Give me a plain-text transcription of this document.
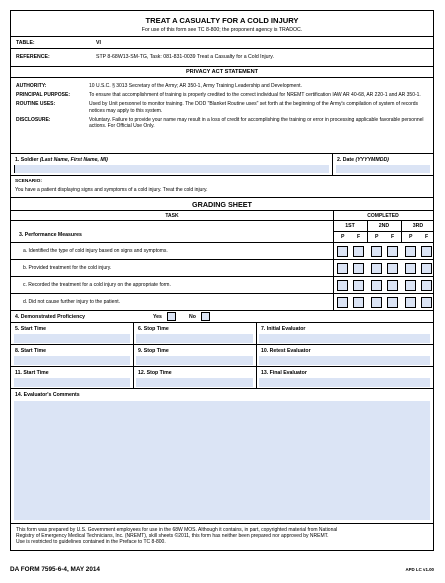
TREAT A CASUALTY FOR A COLD INJURY
For use of this form see TC 8-800; the proponent agency is TRADOC.
TABLE:	VI
REFERENCE:	STP 8-68W13-SM-TG, Task: 081-831-0039 Treat a Casualty for a Cold Injury.
PRIVACY ACT STATEMENT
AUTHORITY:	10 U.S.C. § 3013 Secretary of the Army; AR 350-1, Army Training Leadership and Development.
PRINCIPAL PURPOSE:	To ensure that accomplishment of training is properly credited to the correct individual for NREMT certification IAW AR 40-68, AR 220-1 and AR 350-1.
ROUTINE USES:	Used by Unit personnel to monitor training. The DOD "Blanket Routine uses" set forth at the beginning of the Army's compilation of system of records notices may apply to this system.
DISCLOSURE:	Voluntary. Failure to provide your name may result in a loss of credit for accomplishing the training or error in processing applicable favorable personnel actions. For Official Use Only.
1. Soldier (Last Name, First Name, MI)	2. Date (YYYYMMDD)
SCENARIO:
You have a patient displaying signs and symptoms of a cold injury. Treat the cold injury.
GRADING SHEET
TASK	COMPLETED
3. Performance Measures
1ST	2ND	3RD
P F	P F	P F
a. Identified the type of cold injury based on signs and symptoms.
b. Provided treatment for the cold injury.
c. Recorded the treatment for a cold injury on the appropriate form.
d. Did not cause further injury to the patient.
4. Demonstrated Proficiency	Yes	No
5. Start Time	6. Stop Time	7. Initial Evaluator
8. Start Time	9. Stop Time	10. Retest Evaluator
11. Start Time	12. Stop Time	13. Final Evaluator
14. Evaluator's Comments
This form was prepared by U.S. Government employees for use in the 68W MOS. Although it contains, in part, copyrighted material from National
Registry of Emergency Medical Technicians, Inc. (NREMT), skill sheets ©2011, this form has neither been prepared nor approved by NREMT.
Use is restricted to guidelines contained in the Preface to TC 8-800.
DA FORM 7595-6-4, MAY 2014	APD LC v1.00
